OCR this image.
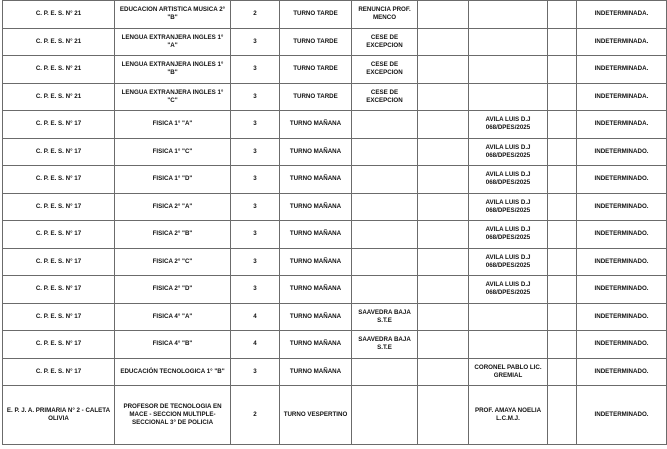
C. P. E. S. N° 21	EDUCACION ARTISTICA MUSICA 2° "B"	2	TURNO TARDE	RENUNCIA PROF. MENCO				INDETERMINADA.
C. P. E. S. N° 21	LENGUA EXTRANJERA INGLES 1° "A"	3	TURNO TARDE	CESE DE EXCEPCION				INDETERMINADA.
C. P. E. S. N° 21	LENGUA EXTRANJERA INGLES 1° "B"	3	TURNO TARDE	CESE DE EXCEPCION				INDETERMINADA.
C. P. E. S. N° 21	LENGUA EXTRANJERA INGLES 1° "C"	3	TURNO TARDE	CESE DE EXCEPCION				INDETERMINADA.
C. P. E. S. N° 17	FISICA 1° "A"	3	TURNO MAÑANA			AVILA LUIS D.J 068/DPES/2025		INDETERMINADA.
C. P. E. S. N° 17	FISICA 1° "C"	3	TURNO MAÑANA			AVILA LUIS D.J 068/DPES/2025		INDETERMINADO.
C. P. E. S. N° 17	FISICA 1° "D"	3	TURNO MAÑANA			AVILA LUIS D.J 068/DPES/2025		INDETERMINADO.
C. P. E. S. N° 17	FISICA 2° "A"	3	TURNO MAÑANA			AVILA LUIS D.J 068/DPES/2025		INDETERMINADO.
C. P. E. S. N° 17	FISICA 2° "B"	3	TURNO MAÑANA			AVILA LUIS D.J 068/DPES/2025		INDETERMINADO.
C. P. E. S. N° 17	FISICA 2° "C"	3	TURNO MAÑANA			AVILA LUIS D.J 068/DPES/2025		INDETERMINADO.
C. P. E. S. N° 17	FISICA 2° "D"	3	TURNO MAÑANA			AVILA LUIS D.J 068/DPES/2025		INDETERMINADO.
C. P. E. S. N° 17	FISICA 4° "A"	4	TURNO MAÑANA	SAAVEDRA BAJA S.T.E				INDETERMINADO.
C. P. E. S. N° 17	FISICA 4° "B"	4	TURNO MAÑANA	SAAVEDRA BAJA S.T.E				INDETERMINADO.
C. P. E. S. N° 17	EDUCACIÓN TECNOLOGICA 1° "B"	3	TURNO MAÑANA			CORONEL PABLO LIC. GREMIAL		INDETERMINADO.
E. P. J. A. PRIMARIA N° 2 - CALETA OLIVIA	PROFESOR DE TECNOLOGIA EN MACE - SECCION MULTIPLE- SECCIONAL 3° DE POLICIA	2	TURNO VESPERTINO			PROF. AMAYA NOELIA L.C.M.J.		INDETERMINADO.
